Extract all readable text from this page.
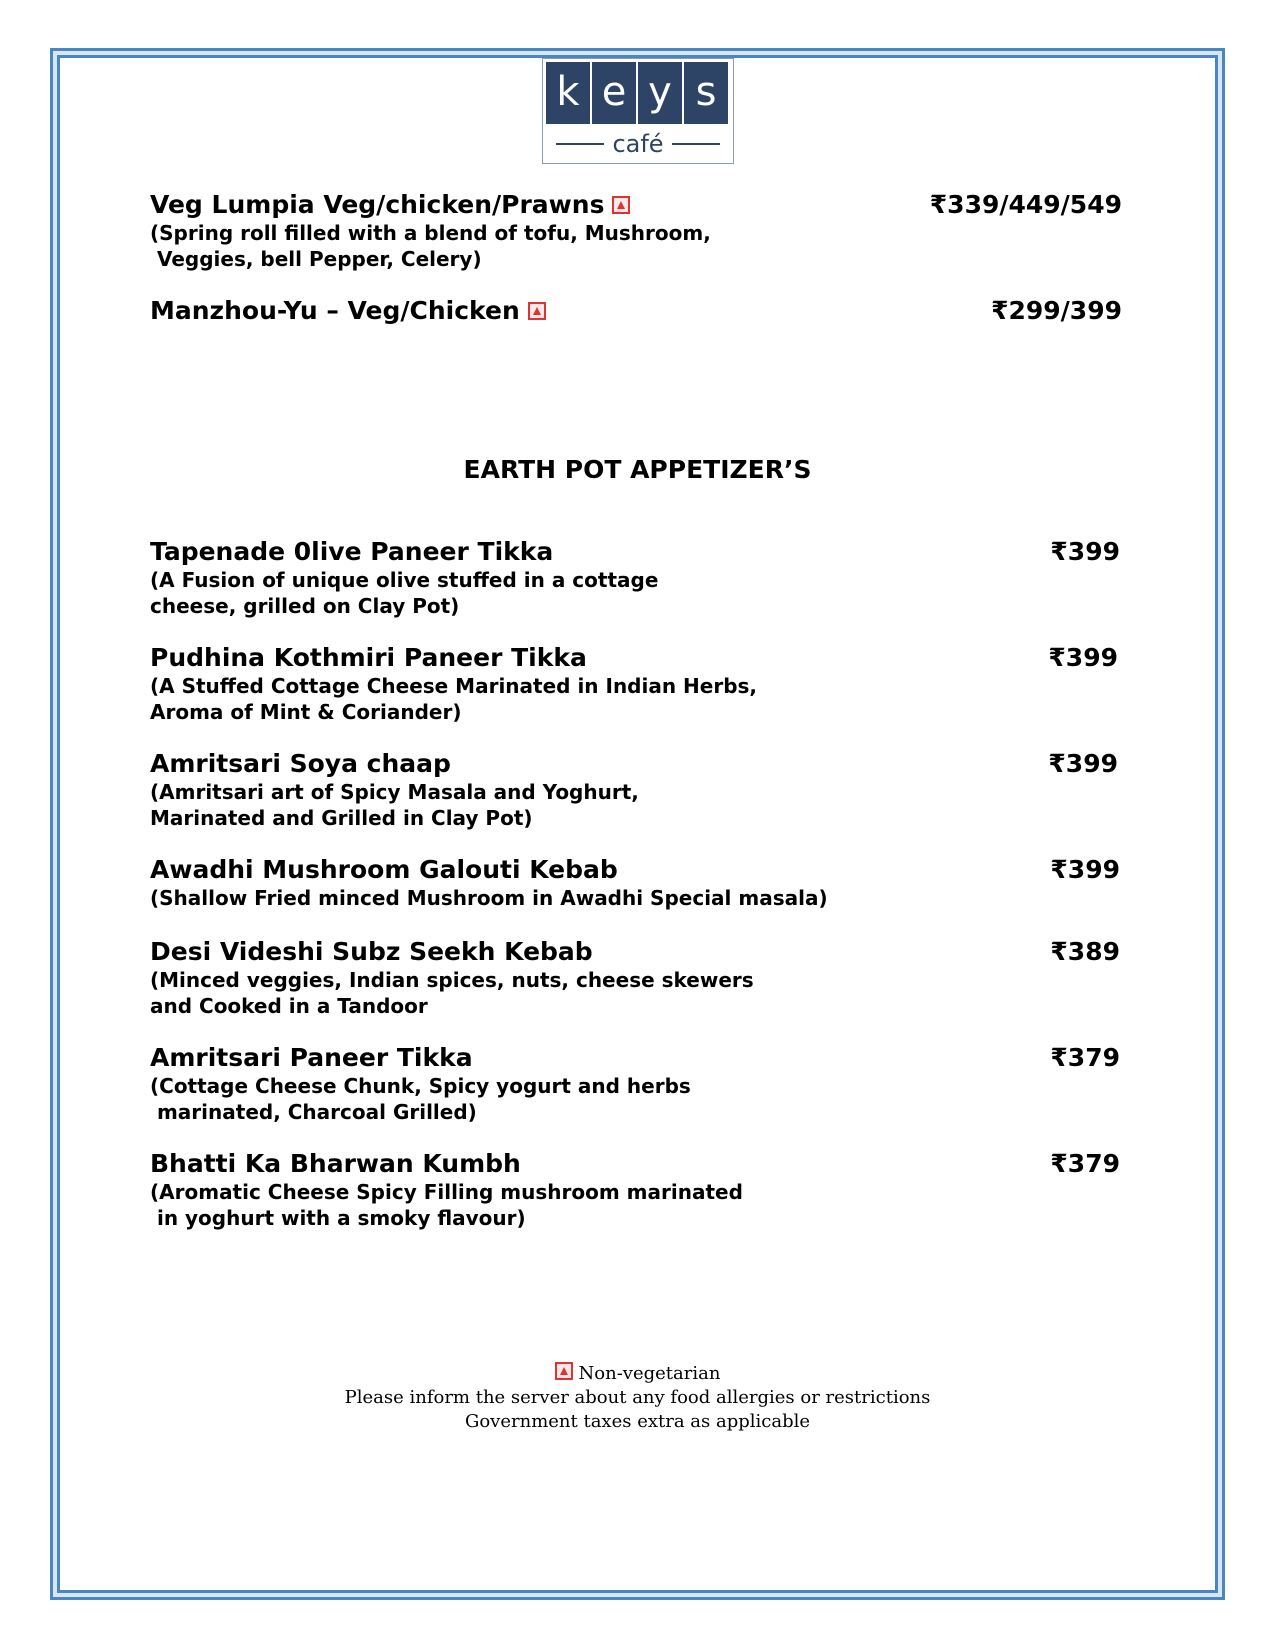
k e y s
café
Veg Lumpia Veg/chicken/Prawns
(Spring roll filled with a blend of tofu, Mushroom,
Veggies, bell Pepper, Celery)
₹339/449/549
Manzhou-Yu – Veg/Chicken	₹299/399
EARTH POT APPETIZER’S
Tapenade 0live Paneer Tikka
(A Fusion of unique olive stuffed in a cottage
cheese, grilled on Clay Pot)
₹399
Pudhina Kothmiri Paneer Tikka
(A Stuffed Cottage Cheese Marinated in Indian Herbs,
Aroma of Mint & Coriander)
₹399
Amritsari Soya chaap
(Amritsari art of Spicy Masala and Yoghurt,
Marinated and Grilled in Clay Pot)
₹399
Awadhi Mushroom Galouti Kebab
(Shallow Fried minced Mushroom in Awadhi Special masala)
₹399
Desi Videshi Subz Seekh Kebab
(Minced veggies, Indian spices, nuts, cheese skewers
and Cooked in a Tandoor
₹389
Amritsari Paneer Tikka
(Cottage Cheese Chunk, Spicy yogurt and herbs
marinated, Charcoal Grilled)
₹379
Bhatti Ka Bharwan Kumbh
(Aromatic Cheese Spicy Filling mushroom marinated
in yoghurt with a smoky flavour)
₹379
Non-vegetarian
Please inform the server about any food allergies or restrictions
Government taxes extra as applicable
